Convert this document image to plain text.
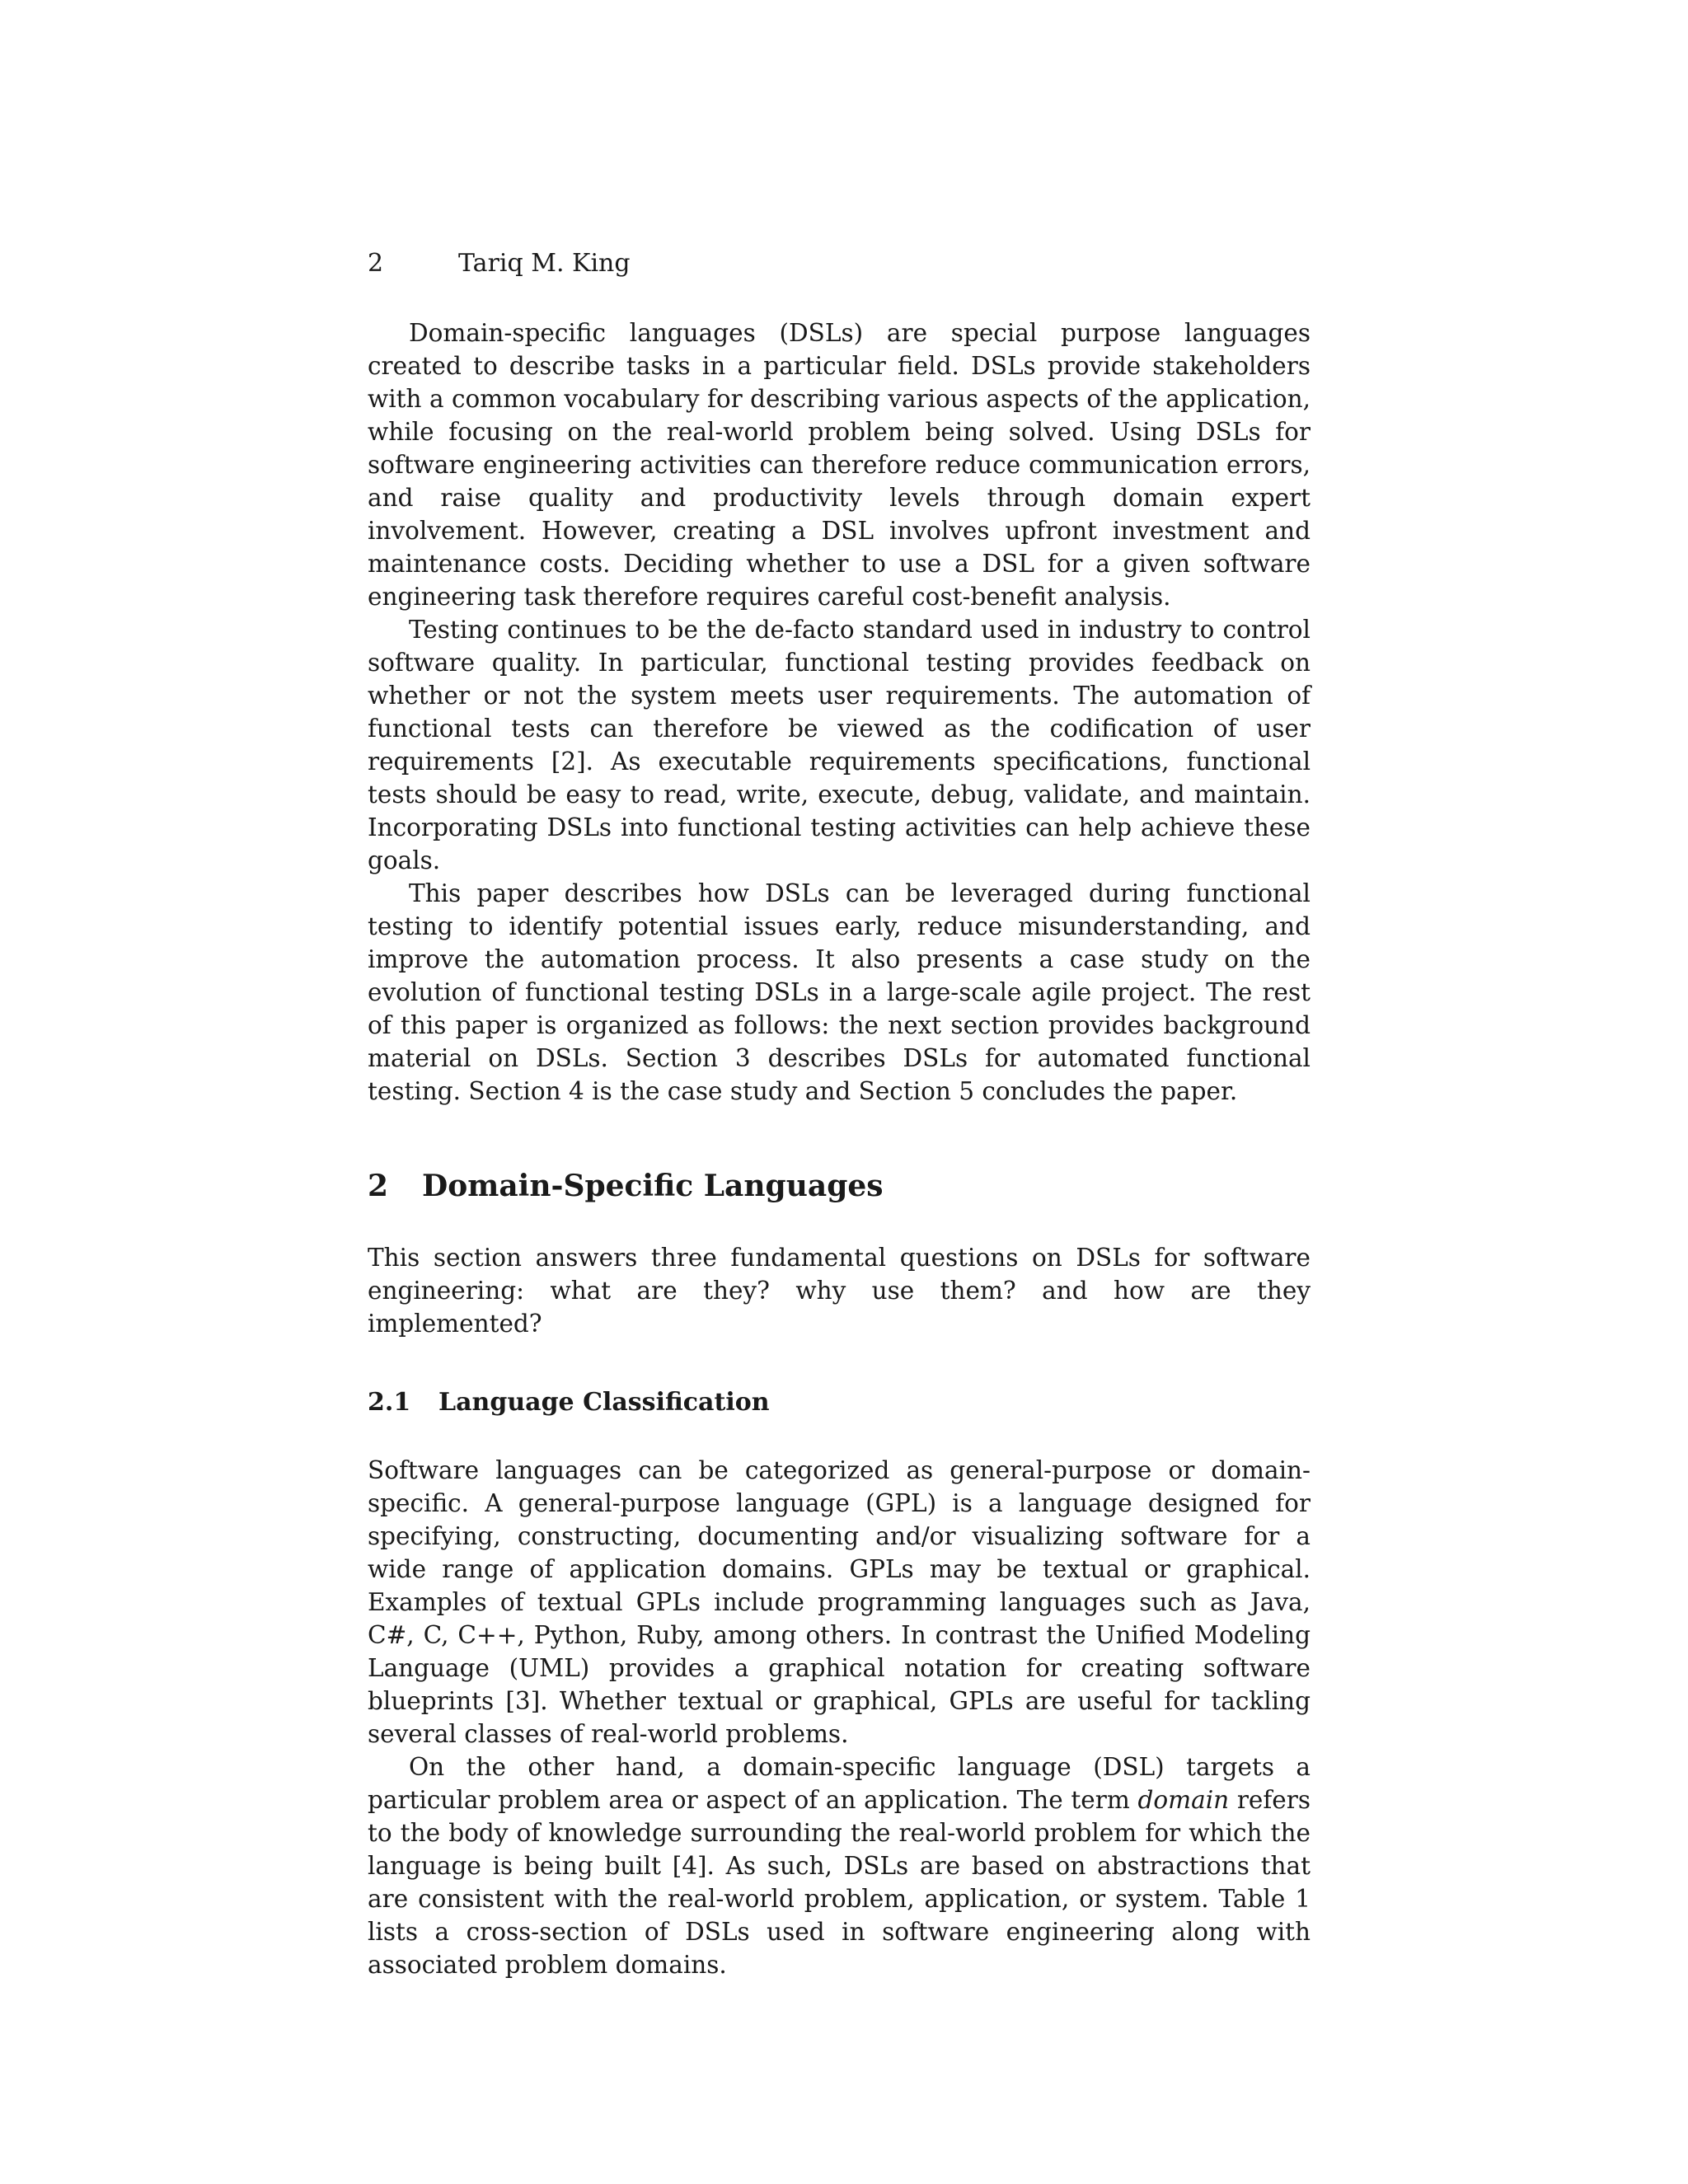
2	Tariq M. King

Domain-specific languages (DSLs) are special purpose languages created to describe tasks in a particular field. DSLs provide stakeholders with a common vocabulary for describing various aspects of the application, while focusing on the real-world problem being solved. Using DSLs for software engineering activities can therefore reduce communication errors, and raise quality and productivity levels through domain expert involvement. However, creating a DSL involves upfront investment and maintenance costs. Deciding whether to use a DSL for a given software engineering task therefore requires careful cost-benefit analysis.

Testing continues to be the de-facto standard used in industry to control software quality. In particular, functional testing provides feedback on whether or not the system meets user requirements. The automation of functional tests can therefore be viewed as the codification of user requirements [2]. As executable requirements specifications, functional tests should be easy to read, write, execute, debug, validate, and maintain. Incorporating DSLs into functional testing activities can help achieve these goals.

This paper describes how DSLs can be leveraged during functional testing to identify potential issues early, reduce misunderstanding, and improve the automation process. It also presents a case study on the evolution of functional testing DSLs in a large-scale agile project. The rest of this paper is organized as follows: the next section provides background material on DSLs. Section 3 describes DSLs for automated functional testing. Section 4 is the case study and Section 5 concludes the paper.

2 Domain-Specific Languages

This section answers three fundamental questions on DSLs for software engineering: what are they? why use them? and how are they implemented?

2.1 Language Classification

Software languages can be categorized as general-purpose or domain-specific. A general-purpose language (GPL) is a language designed for specifying, constructing, documenting and/or visualizing software for a wide range of application domains. GPLs may be textual or graphical. Examples of textual GPLs include programming languages such as Java, C#, C, C++, Python, Ruby, among others. In contrast the Unified Modeling Language (UML) provides a graphical notation for creating software blueprints [3]. Whether textual or graphical, GPLs are useful for tackling several classes of real-world problems.

On the other hand, a domain-specific language (DSL) targets a particular problem area or aspect of an application. The term domain refers to the body of knowledge surrounding the real-world problem for which the language is being built [4]. As such, DSLs are based on abstractions that are consistent with the real-world problem, application, or system. Table 1 lists a cross-section of DSLs used in software engineering along with associated problem domains.
